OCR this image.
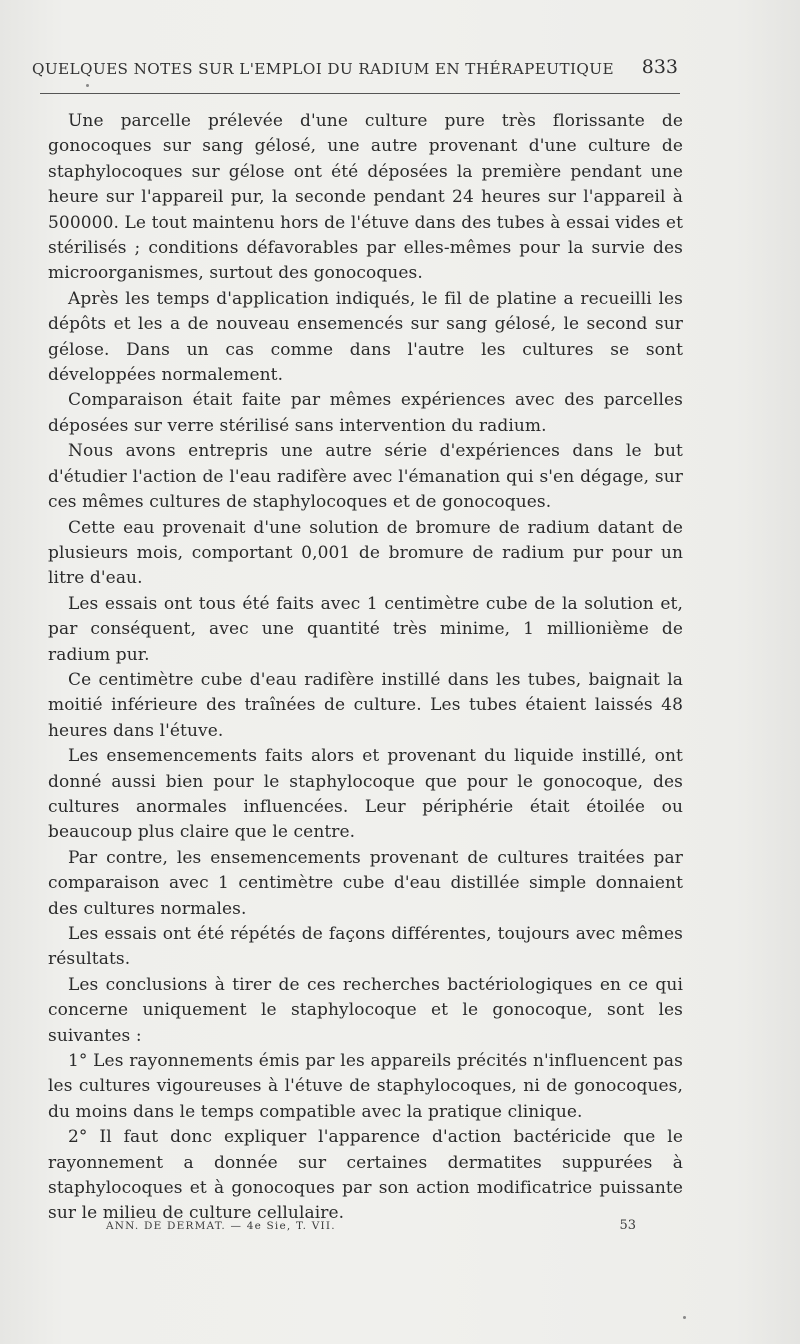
QUELQUES NOTES SUR L'EMPLOI DU RADIUM EN THÉRAPEUTIQUE 833

Une parcelle prélevée d'une culture pure très florissante de gonocoques sur sang gélosé, une autre provenant d'une culture de staphylocoques sur gélose ont été déposées la première pendant une heure sur l'appareil pur, la seconde pendant 24 heures sur l'appareil à 500000. Le tout maintenu hors de l'étuve dans des tubes à essai vides et stérilisés ; conditions défavorables par elles-mêmes pour la survie des microorganismes, surtout des gonocoques.

Après les temps d'application indiqués, le fil de platine a recueilli les dépôts et les a de nouveau ensemencés sur sang gélosé, le second sur gélose. Dans un cas comme dans l'autre les cultures se sont développées normalement.

Comparaison était faite par mêmes expériences avec des parcelles déposées sur verre stérilisé sans intervention du radium.

Nous avons entrepris une autre série d'expériences dans le but d'étudier l'action de l'eau radifère avec l'émanation qui s'en dégage, sur ces mêmes cultures de staphylocoques et de gonocoques.

Cette eau provenait d'une solution de bromure de radium datant de plusieurs mois, comportant 0,001 de bromure de radium pur pour un litre d'eau.

Les essais ont tous été faits avec 1 centimètre cube de la solution et, par conséquent, avec une quantité très minime, 1 millionième de radium pur.

Ce centimètre cube d'eau radifère instillé dans les tubes, baignait la moitié inférieure des traînées de culture. Les tubes étaient laissés 48 heures dans l'étuve.

Les ensemencements faits alors et provenant du liquide instillé, ont donné aussi bien pour le staphylocoque que pour le gonocoque, des cultures anormales influencées. Leur périphérie était étoilée ou beaucoup plus claire que le centre.

Par contre, les ensemencements provenant de cultures traitées par comparaison avec 1 centimètre cube d'eau distillée simple donnaient des cultures normales.

Les essais ont été répétés de façons différentes, toujours avec mêmes résultats.

Les conclusions à tirer de ces recherches bactériologiques en ce qui concerne uniquement le staphylocoque et le gonocoque, sont les suivantes :

1° Les rayonnements émis par les appareils précités n'influencent pas les cultures vigoureuses à l'étuve de staphylocoques, ni de gonocoques, du moins dans le temps compatible avec la pratique clinique.

2° Il faut donc expliquer l'apparence d'action bactéricide que le rayonnement a donnée sur certaines dermatites suppurées à staphylocoques et à gonocoques par son action modificatrice puissante sur le milieu de culture cellulaire.

ANN. DE DERMAT. — 4e Sie, T. VII.	53
